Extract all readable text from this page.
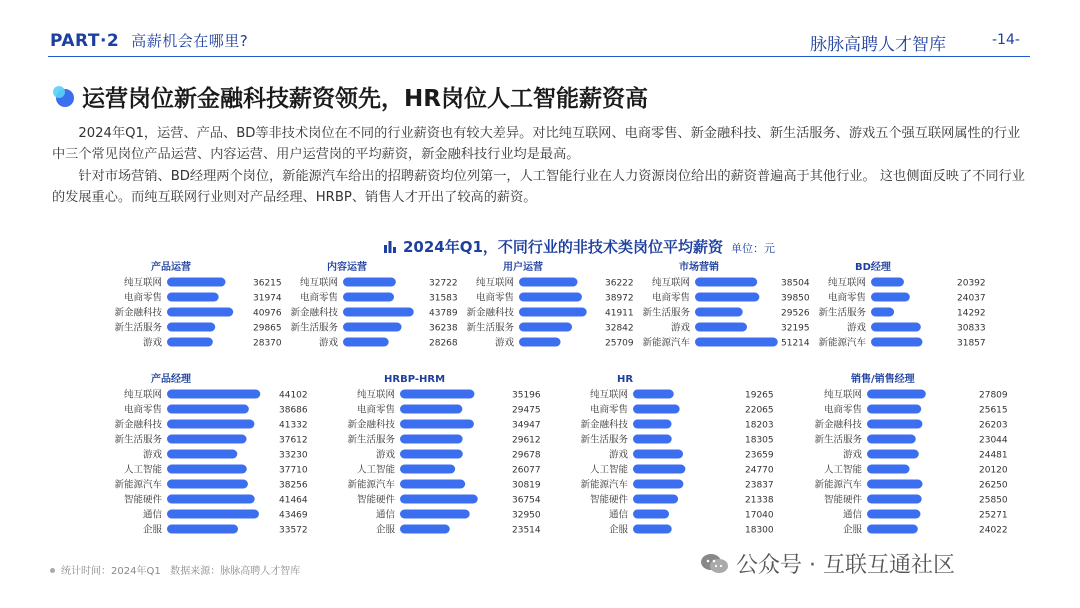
PART·2 高薪机会在哪里?	脉脉高聘人才智库	-14-
运营岗位新金融科技薪资领先，HR岗位人工智能薪资高
2024年Q1，运营、产品、BD等非技术岗位在不同的行业薪资也有较大差异。对比纯互联网、电商零售、新金融科技、新生活服务、游戏五个强互联网属性的行业中三个常见岗位产品运营、内容运营、用户运营岗的平均薪资，新金融科技行业均是最高。
针对市场营销、BD经理两个岗位，新能源汽车给出的招聘薪资均位列第一，人工智能行业在人力资源岗位给出的薪资普遍高于其他行业。 这也侧面反映了不同行业的发展重心。而纯互联网行业则对产品经理、HRBP、销售人才开出了较高的薪资。
2024年Q1，不同行业的非技术类岗位平均薪资 单位：元
产品运营
纯互联网	36215
电商零售	31974
新金融科技	40976
新生活服务	29865
游戏	28370
内容运营
纯互联网	32722
电商零售	31583
新金融科技	43789
新生活服务	36238
游戏	28268
用户运营
纯互联网	36222
电商零售	38972
新金融科技	41911
新生活服务	32842
游戏	25709
市场营销
纯互联网	38504
电商零售	39850
新生活服务	29526
游戏	32195
新能源汽车	51214
BD经理
纯互联网	20392
电商零售	24037
新生活服务	14292
游戏	30833
新能源汽车	31857
产品经理
纯互联网	44102
电商零售	38686
新金融科技	41332
新生活服务	37612
游戏	33230
人工智能	37710
新能源汽车	38256
智能硬件	41464
通信	43469
企服	33572
HRBP-HRM
纯互联网	35196
电商零售	29475
新金融科技	34947
新生活服务	29612
游戏	29678
人工智能	26077
新能源汽车	30819
智能硬件	36754
通信	32950
企服	23514
HR
纯互联网	19265
电商零售	22065
新金融科技	18203
新生活服务	18305
游戏	23659
人工智能	24770
新能源汽车	23837
智能硬件	21338
通信	17040
企服	18300
销售/销售经理
纯互联网	27809
电商零售	25615
新金融科技	26203
新生活服务	23044
游戏	24481
人工智能	20120
新能源汽车	26250
智能硬件	25850
通信	25271
企服	24022
统计时间：2024年Q1 数据来源：脉脉高聘人才智库	公众号 · 互联互通社区
